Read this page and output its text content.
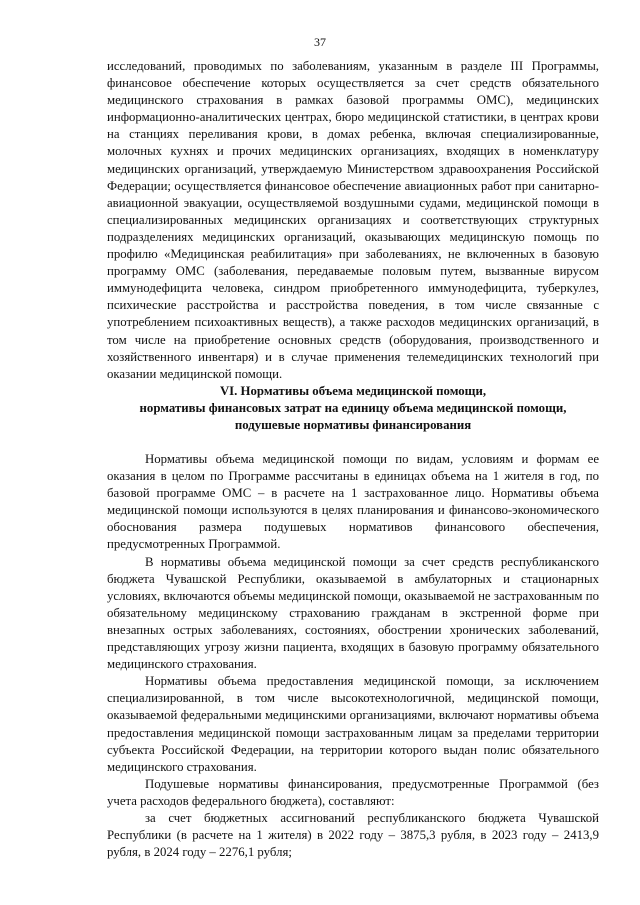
37

исследований, проводимых по заболеваниям, указанным в разделе III Программы, финансовое обеспечение которых осуществляется за счет средств обязательного медицинского страхования в рамках базовой программы ОМС), медицинских информационно-аналитических центрах, бюро медицинской статистики, в центрах крови на станциях переливания крови, в домах ребенка, включая специализированные, молочных кухнях и прочих медицинских организациях, входящих в номенклатуру медицинских организаций, утверждаемую Министерством здравоохранения Российской Федерации; осуществляется финансовое обеспечение авиационных работ при санитарно-авиационной эвакуации, осуществляемой воздушными судами, медицинской помощи в специализированных медицинских организациях и соответствующих структурных подразделениях медицинских организаций, оказывающих медицинскую помощь по профилю «Медицинская реабилитация» при заболеваниях, не включенных в базовую программу ОМС (заболевания, передаваемые половым путем, вызванные вирусом иммунодефицита человека, синдром приобретенного иммунодефицита, туберкулез, психические расстройства и расстройства поведения, в том числе связанные с употреблением психоактивных веществ), а также расходов медицинских организаций, в том числе на приобретение основных средств (оборудования, производственного и хозяйственного инвентаря) и в случае применения телемедицинских технологий при оказании медицинской помощи.

VI. Нормативы объема медицинской помощи,
нормативы финансовых затрат на единицу объема медицинской помощи,
подушевые нормативы финансирования

Нормативы объема медицинской помощи по видам, условиям и формам ее оказания в целом по Программе рассчитаны в единицах объема на 1 жителя в год, по базовой программе ОМС – в расчете на 1 застрахованное лицо. Нормативы объема медицинской помощи используются в целях планирования и финансово-экономического обоснования размера подушевых нормативов финансового обеспечения, предусмотренных Программой.

В нормативы объема медицинской помощи за счет средств республиканского бюджета Чувашской Республики, оказываемой в амбулаторных и стационарных условиях, включаются объемы медицинской помощи, оказываемой не застрахованным по обязательному медицинскому страхованию гражданам в экстренной форме при внезапных острых заболеваниях, состояниях, обострении хронических заболеваний, представляющих угрозу жизни пациента, входящих в базовую программу обязательного медицинского страхования.

Нормативы объема предоставления медицинской помощи, за исключением специализированной, в том числе высокотехнологичной, медицинской помощи, оказываемой федеральными медицинскими организациями, включают нормативы объема предоставления медицинской помощи застрахованным лицам за пределами территории субъекта Российской Федерации, на территории которого выдан полис обязательного медицинского страхования.

Подушевые нормативы финансирования, предусмотренные Программой (без учета расходов федерального бюджета), составляют:

за счет бюджетных ассигнований республиканского бюджета Чувашской Республики (в расчете на 1 жителя) в 2022 году – 3875,3 рубля, в 2023 году – 2413,9 рубля, в 2024 году – 2276,1 рубля;
